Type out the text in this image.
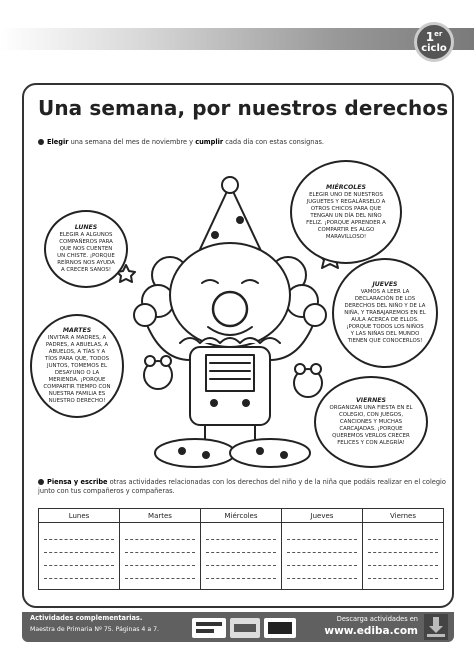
1er
ciclo
Una semana, por nuestros derechos
Elegir una semana del mes de noviembre y cumplir cada día con estas consignas.
LUNES
ELEGIR A ALGUNOS COMPAÑEROS PARA QUE NOS CUENTEN UN CHISTE. ¡PORQUE REÍRNOS NOS AYUDA A CRECER SANOS!
MIÉRCOLES
ELEGIR UNO DE NUESTROS JUGUETES Y REGALÁRSELO A OTROS CHICOS PARA QUE TENGAN UN DÍA DEL NIÑO FELIZ. ¡PORQUE APRENDER A COMPARTIR ES ALGO MARAVILLOSO!
MARTES
INVITAR A MADRES, A PADRES, A ABUELAS, A ABUELOS, A TÍAS Y A TÍOS PARA QUE, TODOS JUNTOS, TOMEMOS EL DESAYUNO O LA MERIENDA. ¡PORQUE COMPARTIR TIEMPO CON NUESTRA FAMILIA ES NUESTRO DERECHO!
JUEVES
VAMOS A LEER LA DECLARACIÓN DE LOS DERECHOS DEL NIÑO Y DE LA NIÑA, Y TRABAJAREMOS EN EL AULA ACERCA DE ELLOS. ¡PORQUE TODOS LOS NIÑOS Y LAS NIÑAS DEL MUNDO TIENEN QUE CONOCERLOS!
VIERNES
ORGANIZAR UNA FIESTA EN EL COLEGIO, CON JUEGOS, CANCIONES Y MUCHAS CARCAJADAS. ¡PORQUE QUEREMOS VERLOS CRECER FELICES Y CON ALEGRÍA!
Piensa y escribe otras actividades relacionadas con los derechos del niño y de la niña que podáis realizar en el colegio junto con tus compañeros y compañeras.
Lunes	Martes	Miércoles	Jueves	Viernes

Actividades complementarias.
Maestra de Primaria Nº 75. Páginas 4 a 7.
Descarga actividades en
www.ediba.com
